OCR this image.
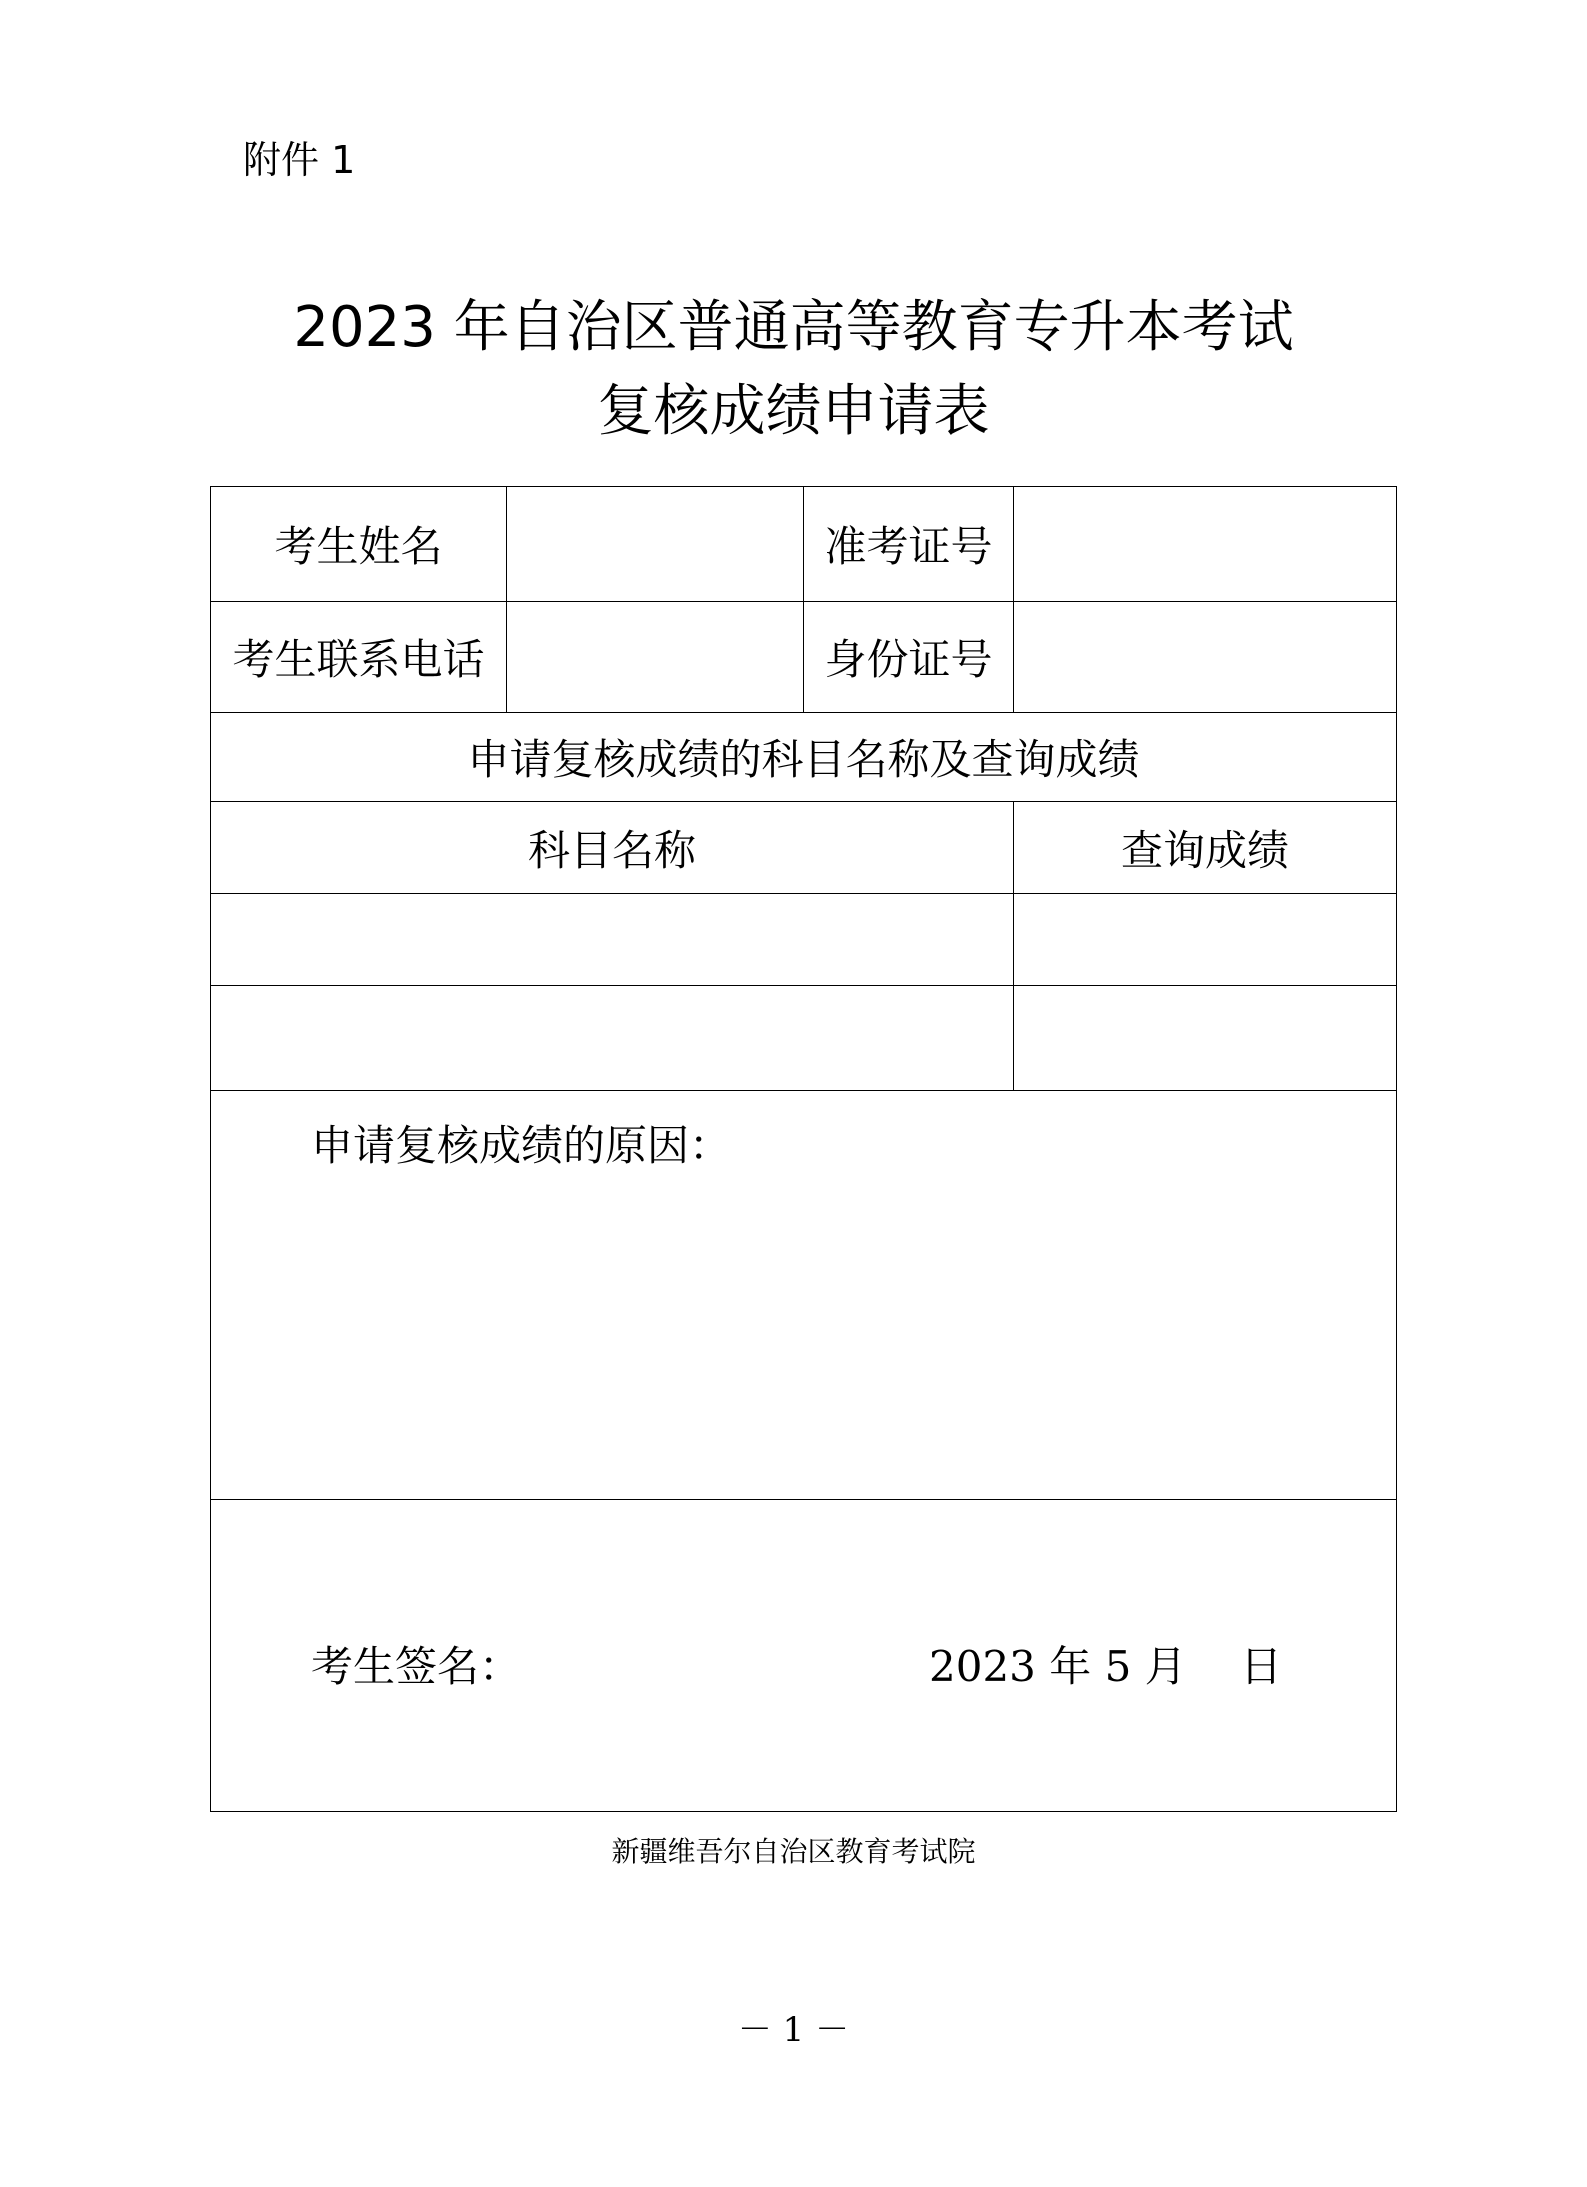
附件 1
2023 年自治区普通高等教育专升本考试
复核成绩申请表
考生姓名		准考证号	
考生联系电话		身份证号	
申请复核成绩的科目名称及查询成绩			
科目名称			查询成绩

申请复核成绩的原因：			

考生签名： 2023 年 5 月    日			
新疆维吾尔自治区教育考试院
－ 1 －
